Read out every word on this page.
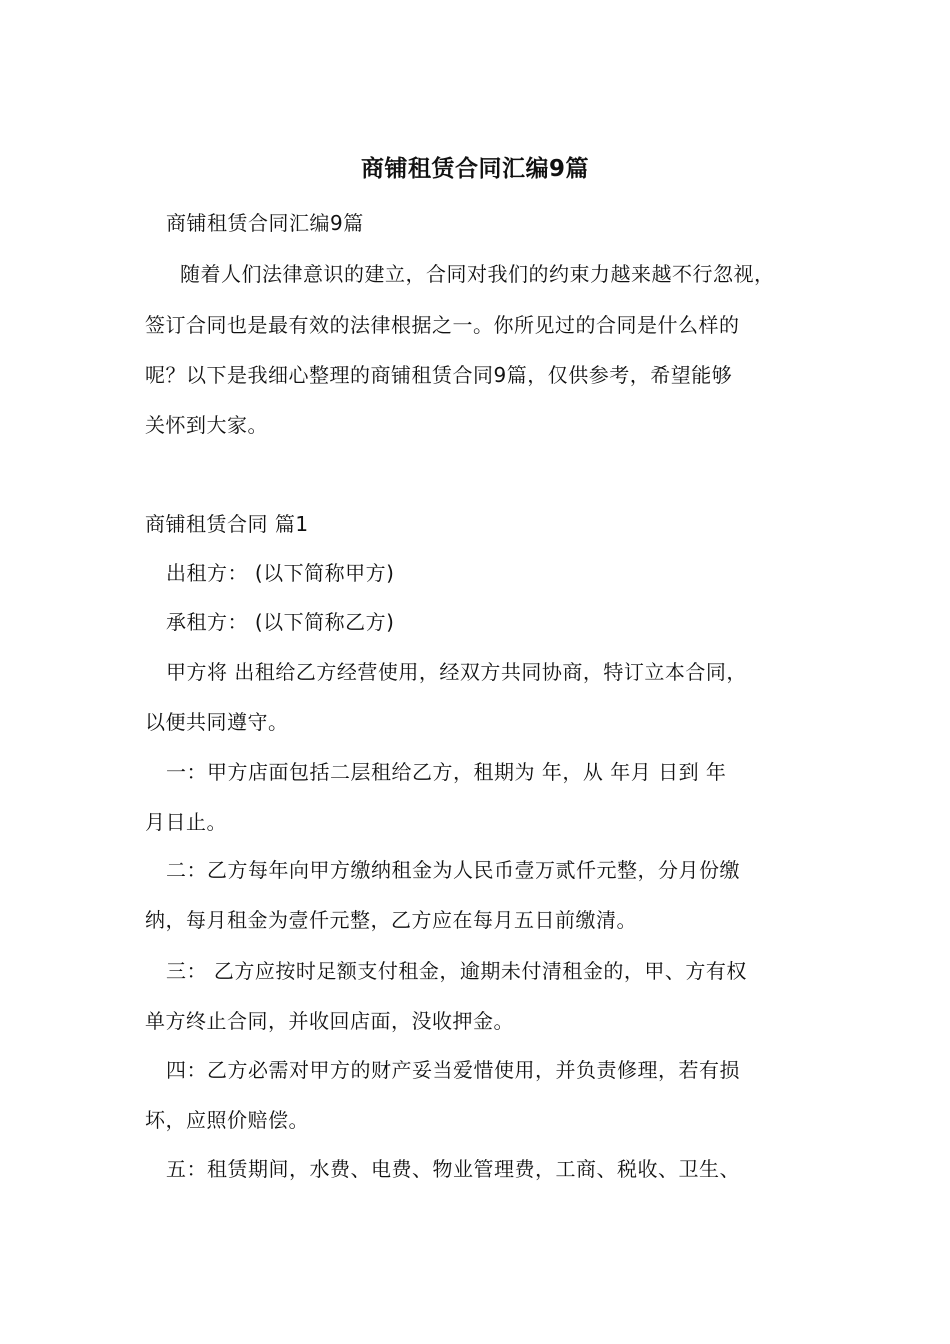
商铺租赁合同汇编9篇
商铺租赁合同汇编9篇
随着人们法律意识的建立，合同对我们的约束力越来越不行忽视，
签订合同也是最有效的法律根据之一。你所见过的合同是什么样的
呢？以下是我细心整理的商铺租赁合同9篇，仅供参考，希望能够
关怀到大家。
商铺租赁合同 篇1
出租方： (以下简称甲方)
承租方： (以下简称乙方)
甲方将 出租给乙方经营使用，经双方共同协商，特订立本合同，
以便共同遵守。
一：甲方店面包括二层租给乙方，租期为 年，从 年月 日到 年
月日止。
二：乙方每年向甲方缴纳租金为人民币壹万贰仟元整，分月份缴
纳，每月租金为壹仟元整，乙方应在每月五日前缴清。
三： 乙方应按时足额支付租金，逾期未付清租金的，甲、方有权
单方终止合同，并收回店面，没收押金。
四：乙方必需对甲方的财产妥当爱惜使用，并负责修理，若有损
坏，应照价赔偿。
五：租赁期间，水费、电费、物业管理费，工商、税收、卫生、
